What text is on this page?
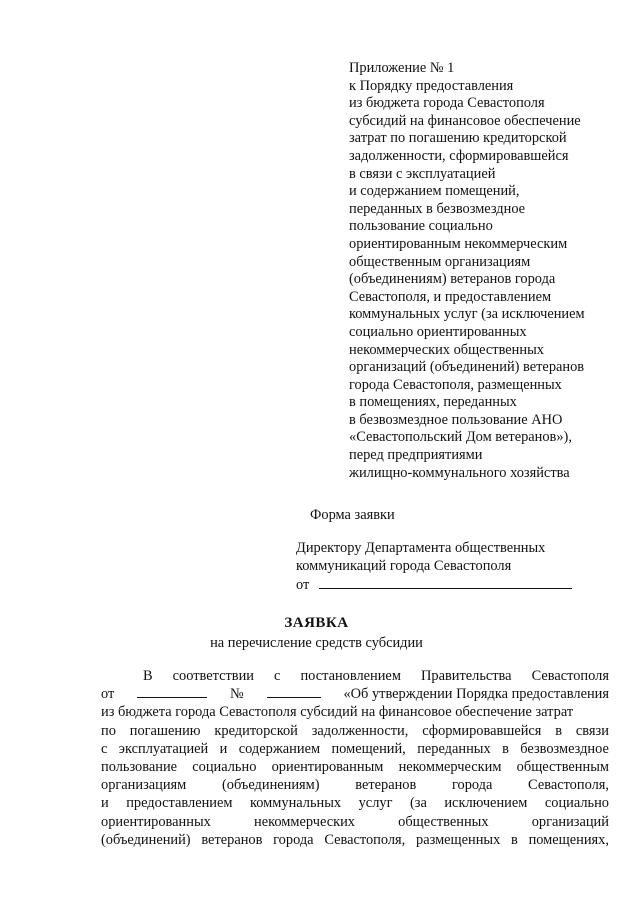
Приложение № 1
к Порядку предоставления
из бюджета города Севастополя
субсидий на финансовое обеспечение
затрат по погашению кредиторской
задолженности, сформировавшейся
в связи с эксплуатацией
и содержанием помещений,
переданных в безвозмездное
пользование социально
ориентированным некоммерческим
общественным организациям
(объединениям) ветеранов города
Севастополя, и предоставлением
коммунальных услуг (за исключением
социально ориентированных
некоммерческих общественных
организаций (объединений) ветеранов
города Севастополя, размещенных
в помещениях, переданных
в безвозмездное пользование АНО
«Севастопольский Дом ветеранов»),
перед предприятиями
жилищно-коммунального хозяйства
Форма заявки
Директору Департамента общественных
коммуникаций города Севастополя
от
ЗАЯВКА
на перечисление средств субсидии
В соответствии с постановлением Правительства Севастополя
от	№	«Об утверждении Порядка предоставления
из бюджета города Севастополя субсидий на финансовое обеспечение затрат
по погашению кредиторской задолженности, сформировавшейся в связи
с эксплуатацией и содержанием помещений, переданных в безвозмездное
пользование социально ориентированным некоммерческим общественным
организациям (объединениям) ветеранов города Севастополя,
и предоставлением коммунальных услуг (за исключением социально
ориентированных	некоммерческих	общественных	организаций
(объединений) ветеранов города Севастополя, размещенных в помещениях,
